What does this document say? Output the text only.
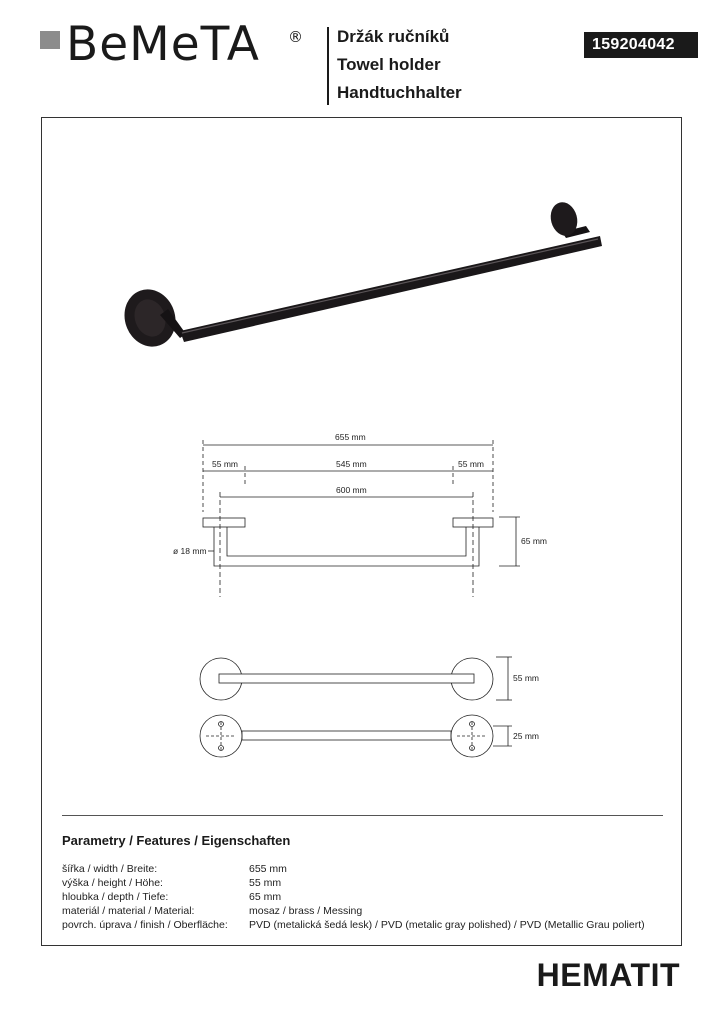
BeMeTA ® Držák ručníků
Towel holder
Handtuchhalter
159204042
655 mm
55 mm	545 mm	55 mm
600 mm
ø 18 mm
65 mm
55 mm
25 mm
Parametry / Features / Eigenschaften
šířka / width / Breite:	655 mm
výška / height / Höhe:	55 mm
hloubka / depth / Tiefe:	65 mm
materiál / material / Material:	mosaz / brass / Messing
povrch. úprava / finish / Oberfläche: PVD (metalická šedá lesk) / PVD (metalic gray polished) / PVD (Metallic Grau poliert)
HEMATIT
